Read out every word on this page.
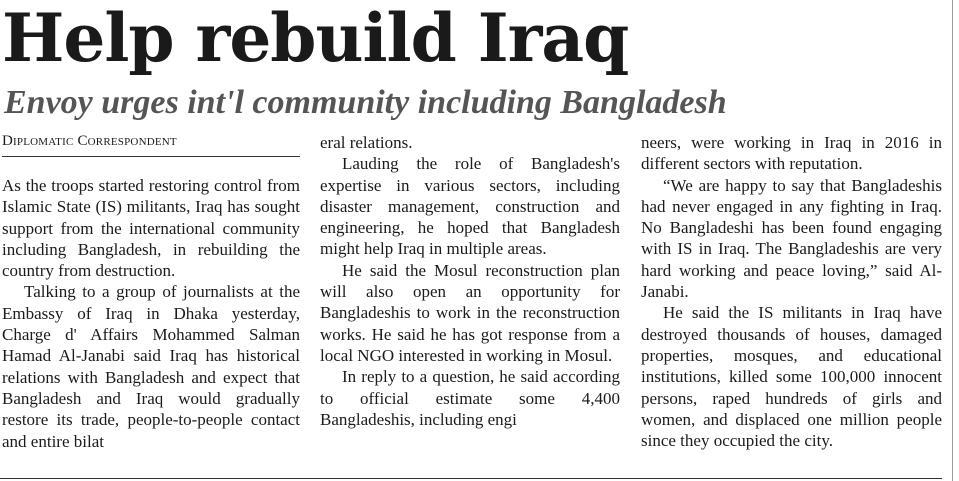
Help rebuild Iraq
Envoy urges int'l community including Bangladesh
Diplomatic Correspondent

As the troops started restoring control from Islamic State (IS) militants, Iraq has sought support from the international community including Bangladesh, in rebuilding the country from destruction.

Talking to a group of journalists at the Embassy of Iraq in Dhaka yesterday, Charge d' Affairs Mohammed Salman Hamad Al-Janabi said Iraq has historical relations with Bangladesh and expect that Bangladesh and Iraq would gradually restore its trade, people-to-people contact and entire bilat

eral relations.

Lauding the role of Bangladesh's expertise in various sectors, including disaster management, construction and engineering, he hoped that Bangladesh might help Iraq in multiple areas.

He said the Mosul reconstruction plan will also open an opportunity for Bangladeshis to work in the reconstruction works. He said he has got response from a local NGO interested in working in Mosul.

In reply to a question, he said according to official estimate some 4,400 Bangladeshis, including engi

neers, were working in Iraq in 2016 in different sectors with reputation.

“We are happy to say that Bangladeshis had never engaged in any fighting in Iraq. No Bangladeshi has been found engaging with IS in Iraq. The Bangladeshis are very hard working and peace loving,” said Al-Janabi.

He said the IS militants in Iraq have destroyed thousands of houses, damaged properties, mosques, and educational institutions, killed some 100,000 innocent persons, raped hundreds of girls and women, and displaced one million people since they occupied the city.
